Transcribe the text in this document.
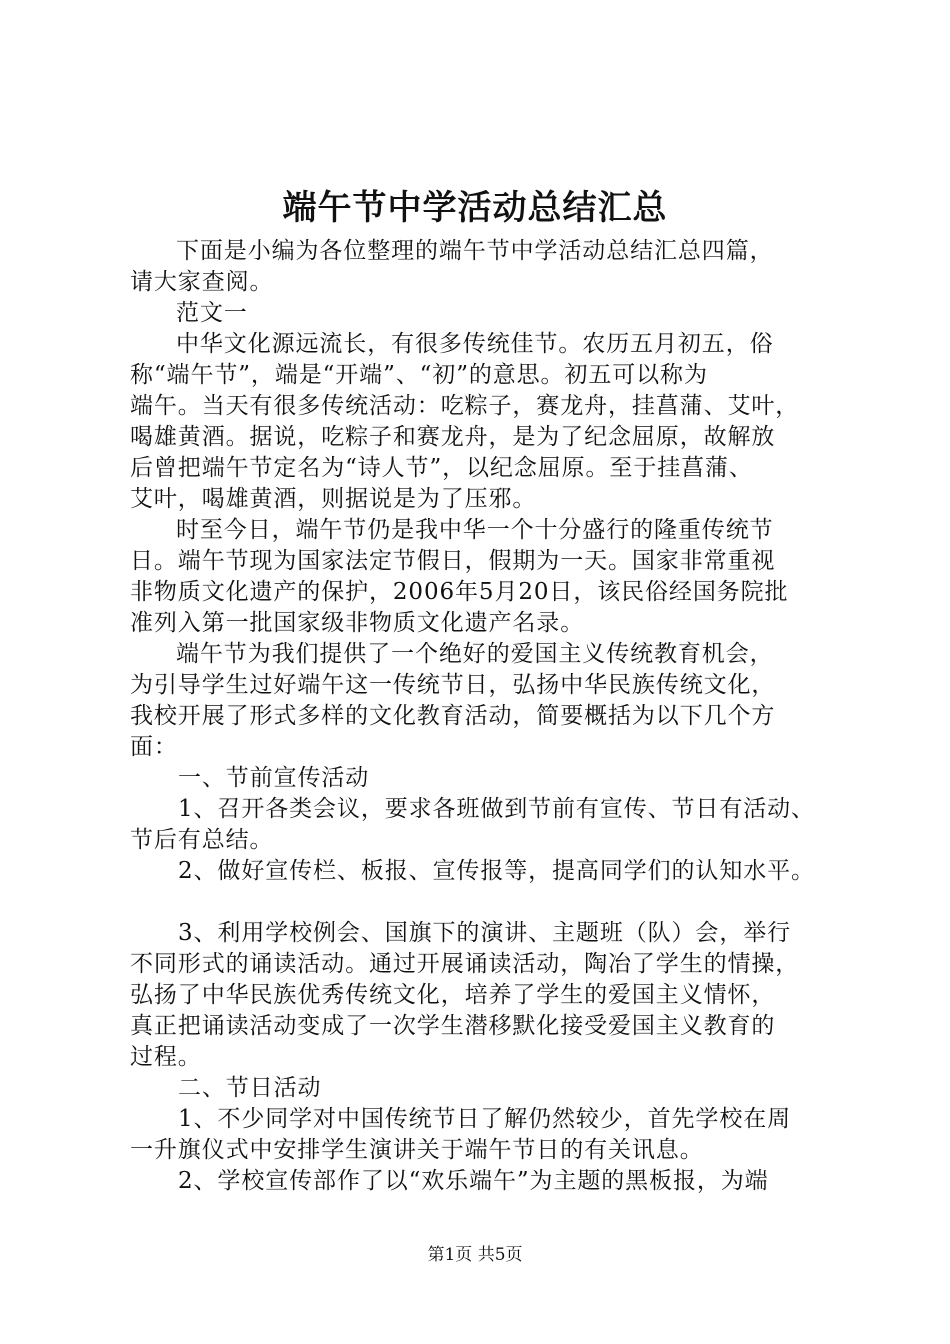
端午节中学活动总结汇总
下面是小编为各位整理的端午节中学活动总结汇总四篇，
请大家查阅。
范文一
中华文化源远流长，有很多传统佳节。农历五月初五，俗
称“端午节”，端是“开端”、“初”的意思。初五可以称为
端午。当天有很多传统活动：吃粽子，赛龙舟，挂菖蒲、艾叶，
喝雄黄酒。据说，吃粽子和赛龙舟，是为了纪念屈原，故解放
后曾把端午节定名为“诗人节”，以纪念屈原。至于挂菖蒲、
艾叶，喝雄黄酒，则据说是为了压邪。
时至今日，端午节仍是我中华一个十分盛行的隆重传统节
日。端午节现为国家法定节假日，假期为一天。国家非常重视
非物质文化遗产的保护，2006年5月20日，该民俗经国务院批
准列入第一批国家级非物质文化遗产名录。
端午节为我们提供了一个绝好的爱国主义传统教育机会，
为引导学生过好端午这一传统节日，弘扬中华民族传统文化，
我校开展了形式多样的文化教育活动，简要概括为以下几个方
面：
一、节前宣传活动
1、召开各类会议，要求各班做到节前有宣传、节日有活动、
节后有总结。
2、做好宣传栏、板报、宣传报等，提高同学们的认知水平。
3、利用学校例会、国旗下的演讲、主题班（队）会，举行
不同形式的诵读活动。通过开展诵读活动，陶冶了学生的情操，
弘扬了中华民族优秀传统文化，培养了学生的爱国主义情怀，
真正把诵读活动变成了一次学生潜移默化接受爱国主义教育的
过程。
二、节日活动
1、不少同学对中国传统节日了解仍然较少，首先学校在周
一升旗仪式中安排学生演讲关于端午节日的有关讯息。
2、学校宣传部作了以“欢乐端午”为主题的黑板报，为端
第1页 共5页
